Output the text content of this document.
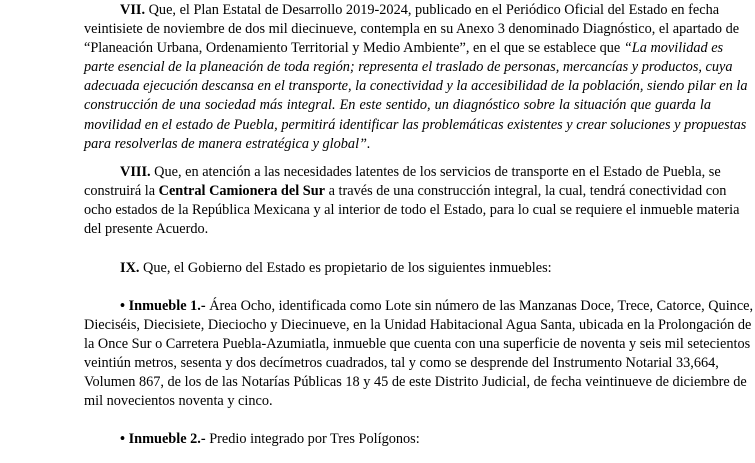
VII. Que, el Plan Estatal de Desarrollo 2019-2024, publicado en el Periódico Oficial del Estado en fecha
veintisiete de noviembre de dos mil diecinueve, contempla en su Anexo 3 denominado Diagnóstico, el apartado de
“Planeación Urbana, Ordenamiento Territorial y Medio Ambiente”, en el que se establece que “La movilidad es
parte esencial de la planeación de toda región; representa el traslado de personas, mercancías y productos, cuya
adecuada ejecución descansa en el transporte, la conectividad y la accesibilidad de la población, siendo pilar en la
construcción de una sociedad más integral. En este sentido, un diagnóstico sobre la situación que guarda la
movilidad en el estado de Puebla, permitirá identificar las problemáticas existentes y crear soluciones y propuestas
para resolverlas de manera estratégica y global”.
VIII. Que, en atención a las necesidades latentes de los servicios de transporte en el Estado de Puebla, se
construirá la Central Camionera del Sur a través de una construcción integral, la cual, tendrá conectividad con
ocho estados de la República Mexicana y al interior de todo el Estado, para lo cual se requiere el inmueble materia
del presente Acuerdo.
IX. Que, el Gobierno del Estado es propietario de los siguientes inmuebles:
• Inmueble 1.- Área Ocho, identificada como Lote sin número de las Manzanas Doce, Trece, Catorce, Quince,
Dieciséis, Diecisiete, Dieciocho y Diecinueve, en la Unidad Habitacional Agua Santa, ubicada en la Prolongación de
la Once Sur o Carretera Puebla-Azumiatla, inmueble que cuenta con una superficie de noventa y seis mil setecientos
veintiún metros, sesenta y dos decímetros cuadrados, tal y como se desprende del Instrumento Notarial 33,664,
Volumen 867, de los de las Notarías Públicas 18 y 45 de este Distrito Judicial, de fecha veintinueve de diciembre de
mil novecientos noventa y cinco.
• Inmueble 2.- Predio integrado por Tres Polígonos:
